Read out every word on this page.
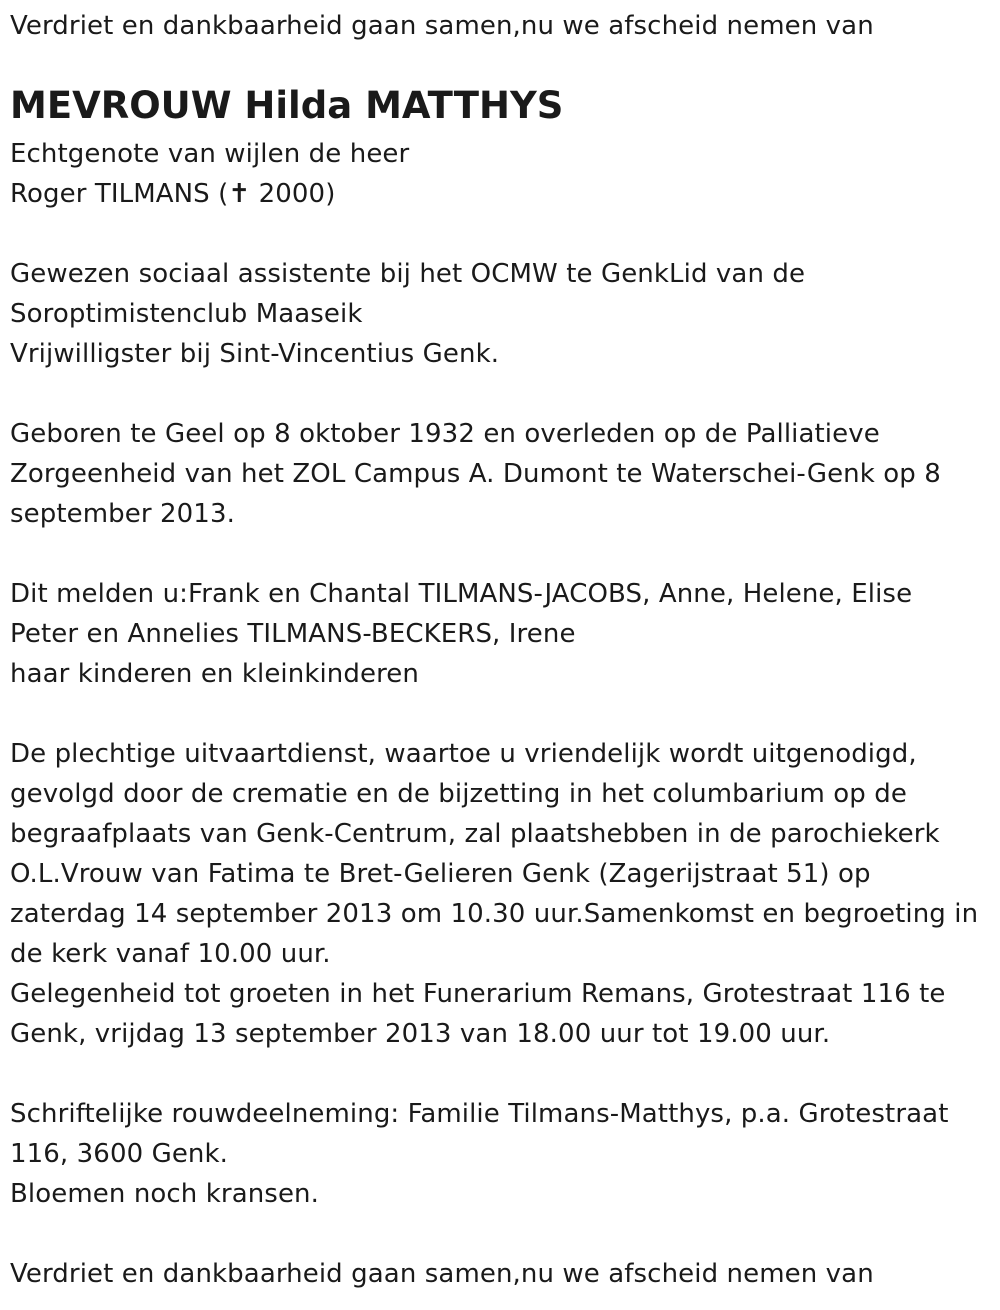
Verdriet en dankbaarheid gaan samen,nu we afscheid nemen van
MEVROUW Hilda MATTHYS
Echtgenote van wijlen de heer
Roger TILMANS (✝ 2000)
Gewezen sociaal assistente bij het OCMW te GenkLid van de
Soroptimistenclub Maaseik
Vrijwilligster bij Sint-Vincentius Genk.
Geboren te Geel op 8 oktober 1932 en overleden op de Palliatieve
Zorgeenheid van het ZOL Campus A. Dumont te Waterschei-Genk op 8
september 2013.
Dit melden u:Frank en Chantal TILMANS-JACOBS, Anne, Helene, Elise
Peter en Annelies TILMANS-BECKERS, Irene
haar kinderen en kleinkinderen
De plechtige uitvaartdienst, waartoe u vriendelijk wordt uitgenodigd,
gevolgd door de crematie en de bijzetting in het columbarium op de
begraafplaats van Genk-Centrum, zal plaatshebben in de parochiekerk
O.L.Vrouw van Fatima te Bret-Gelieren Genk (Zagerijstraat 51) op
zaterdag 14 september 2013 om 10.30 uur.Samenkomst en begroeting in
de kerk vanaf 10.00 uur.
Gelegenheid tot groeten in het Funerarium Remans, Grotestraat 116 te
Genk, vrijdag 13 september 2013 van 18.00 uur tot 19.00 uur.
Schriftelijke rouwdeelneming: Familie Tilmans-Matthys, p.a. Grotestraat
116, 3600 Genk.
Bloemen noch kransen.
Verdriet en dankbaarheid gaan samen,nu we afscheid nemen van
